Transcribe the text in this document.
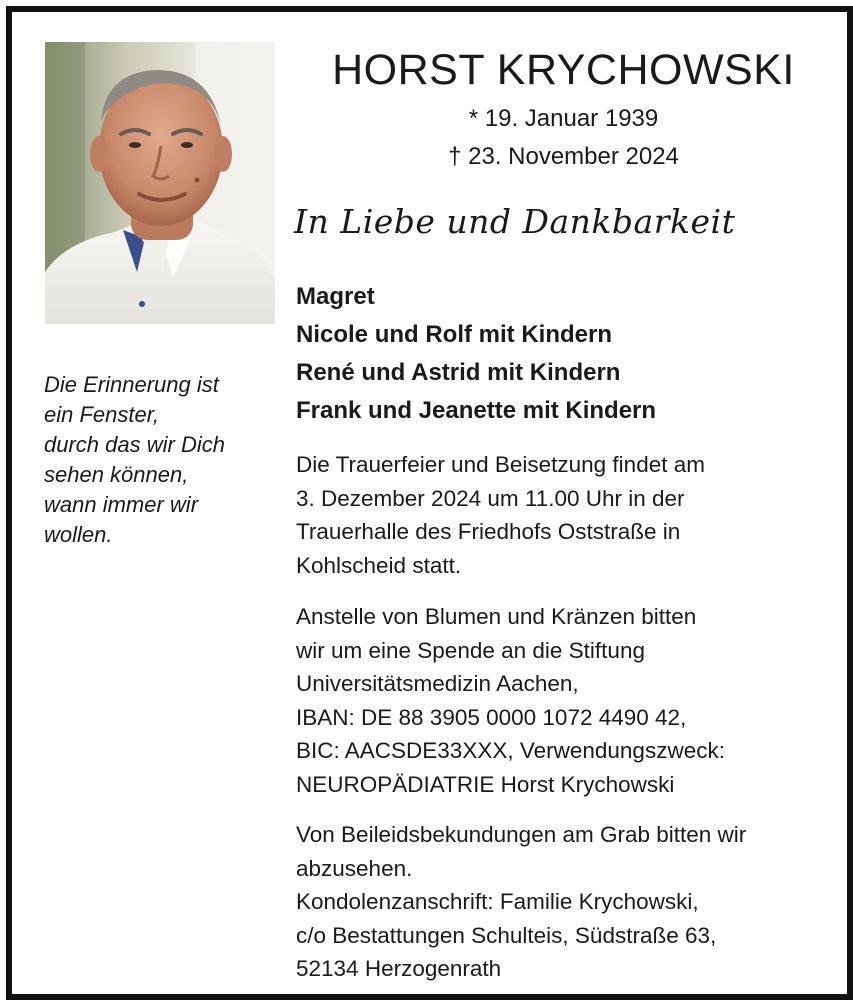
Die Erinnerung ist
ein Fenster,
durch das wir Dich
sehen können,
wann immer wir
wollen.
HORST KRYCHOWSKI
* 19. Januar 1939
† 23. November 2024
In Liebe und Dankbarkeit
Magret
Nicole und Rolf mit Kindern
René und Astrid mit Kindern
Frank und Jeanette mit Kindern
Die Trauerfeier und Beisetzung findet am
3. Dezember 2024 um 11.00 Uhr in der
Trauerhalle des Friedhofs Oststraße in
Kohlscheid statt.
Anstelle von Blumen und Kränzen bitten
wir um eine Spende an die Stiftung
Universitätsmedizin Aachen,
IBAN: DE 88 3905 0000 1072 4490 42,
BIC: AACSDE33XXX, Verwendungszweck:
NEUROPÄDIATRIE Horst Krychowski
Von Beileidsbekundungen am Grab bitten wir
abzusehen.
Kondolenzanschrift: Familie Krychowski,
c/o Bestattungen Schulteis, Südstraße 63,
52134 Herzogenrath
